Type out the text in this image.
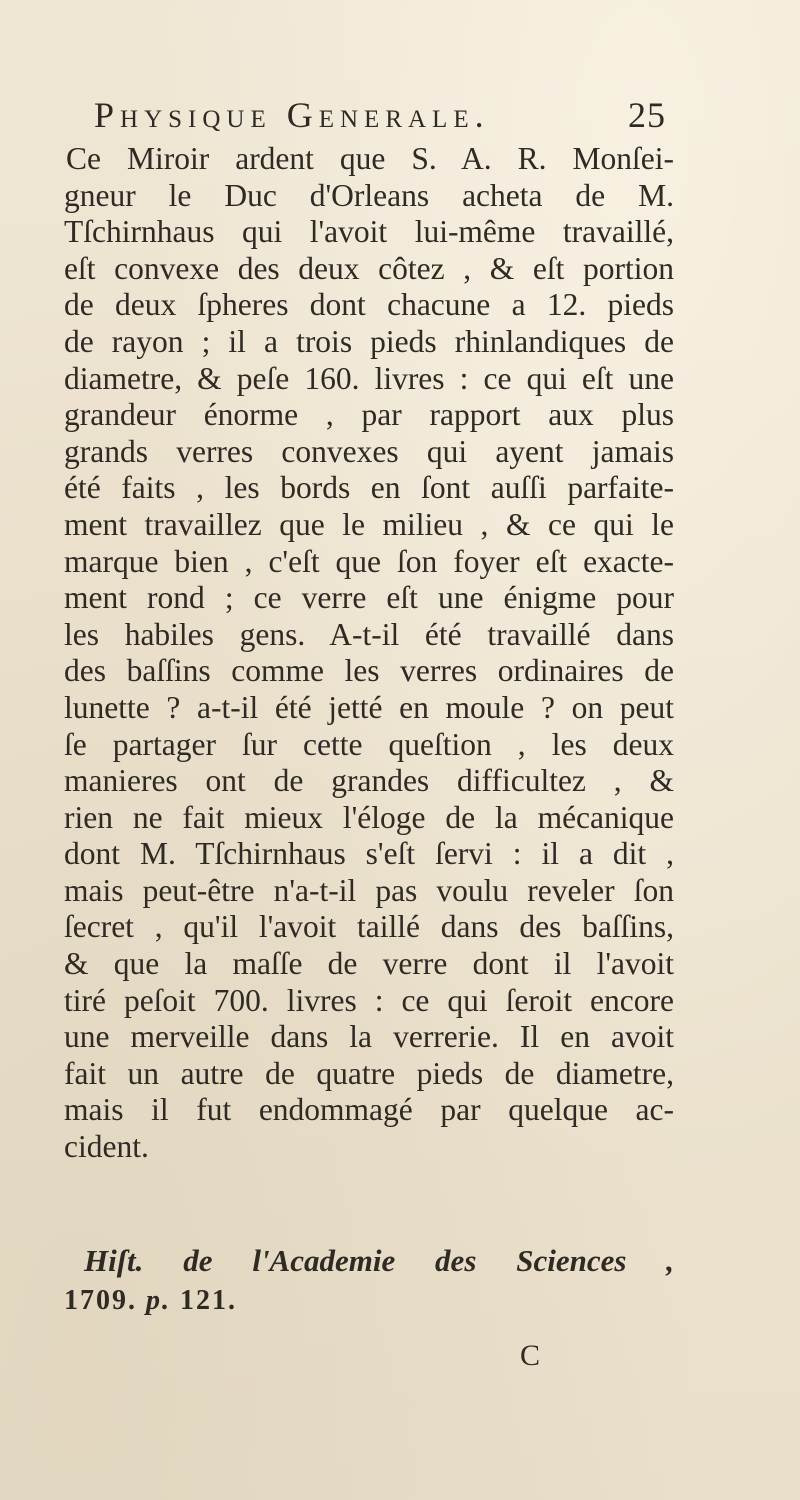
Physique Generale.	25
Ce Miroir ardent que S. A. R. Monſei-
gneur le Duc d'Orleans acheta de M.
Tſchirnhaus qui l'avoit lui-même travaillé,
eſt convexe des deux côtez , & eſt portion
de deux ſpheres dont chacune a 12. pieds
de rayon ; il a trois pieds rhinlandiques de
diametre, & peſe 160. livres : ce qui eſt une
grandeur énorme , par rapport aux plus
grands verres convexes qui ayent jamais
été faits , les bords en ſont auſſi parfaite-
ment travaillez que le milieu , & ce qui le
marque bien , c'eſt que ſon foyer eſt exacte-
ment rond ; ce verre eſt une énigme pour
les habiles gens. A-t-il été travaillé dans
des baſſins comme les verres ordinaires de
lunette ? a-t-il été jetté en moule ? on peut
ſe partager ſur cette queſtion , les deux
manieres ont de grandes difficultez , &
rien ne fait mieux l'éloge de la mécanique
dont M. Tſchirnhaus s'eſt ſervi : il a dit ,
mais peut-être n'a-t-il pas voulu reveler ſon
ſecret , qu'il l'avoit taillé dans des baſſins,
& que la maſſe de verre dont il l'avoit
tiré peſoit 700. livres : ce qui ſeroit encore
une merveille dans la verrerie. Il en avoit
fait un autre de quatre pieds de diametre,
mais il fut endommagé par quelque ac-
cident.
Hiſt. de l'Academie des Sciences ,
1709. p. 121.
C
